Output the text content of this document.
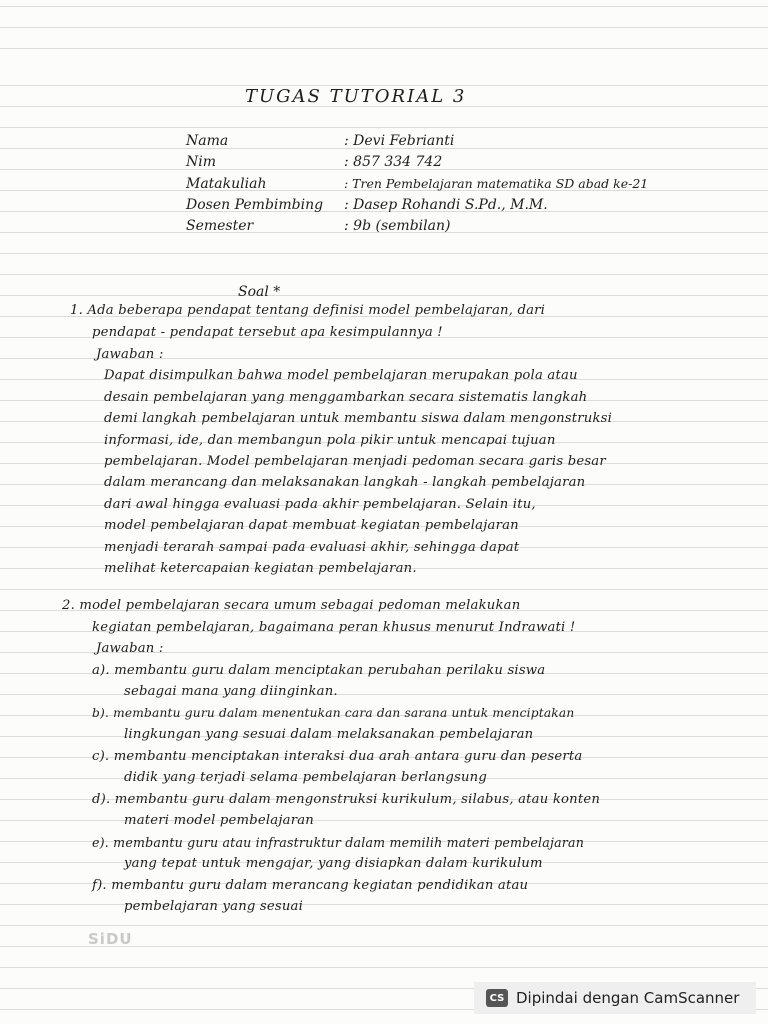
TUGAS TUTORIAL 3
Nama	: Devi Febrianti
Nim	: 857 334 742
Matakuliah	: Tren Pembelajaran matematika SD abad ke-21
Dosen Pembimbing : Dasep Rohandi S.Pd., M.M.
Semester	: 9b (sembilan)
Soal *
1. Ada beberapa pendapat tentang definisi model pembelajaran, dari
pendapat - pendapat tersebut apa kesimpulannya !
Jawaban :
Dapat disimpulkan bahwa model pembelajaran merupakan pola atau
desain pembelajaran yang menggambarkan secara sistematis langkah
demi langkah pembelajaran untuk membantu siswa dalam mengonstruksi
informasi, ide, dan membangun pola pikir untuk mencapai tujuan
pembelajaran. Model pembelajaran menjadi pedoman secara garis besar
dalam merancang dan melaksanakan langkah - langkah pembelajaran
dari awal hingga evaluasi pada akhir pembelajaran. Selain itu,
model pembelajaran dapat membuat kegiatan pembelajaran
menjadi terarah sampai pada evaluasi akhir, sehingga dapat
melihat ketercapaian kegiatan pembelajaran.
2. model pembelajaran secara umum sebagai pedoman melakukan
kegiatan pembelajaran, bagaimana peran khusus menurut Indrawati !
Jawaban :
a). membantu guru dalam menciptakan perubahan perilaku siswa
sebagai mana yang diinginkan.
b). membantu guru dalam menentukan cara dan sarana untuk menciptakan
lingkungan yang sesuai dalam melaksanakan pembelajaran
c). membantu menciptakan interaksi dua arah antara guru dan peserta
didik yang terjadi selama pembelajaran berlangsung
d). membantu guru dalam mengonstruksi kurikulum, silabus, atau konten
materi model pembelajaran
e). membantu guru atau infrastruktur dalam memilih materi pembelajaran
yang tepat untuk mengajar, yang disiapkan dalam kurikulum
f). membantu guru dalam merancang kegiatan pendidikan atau
pembelajaran yang sesuai
SiDU
CS Dipindai dengan CamScanner
